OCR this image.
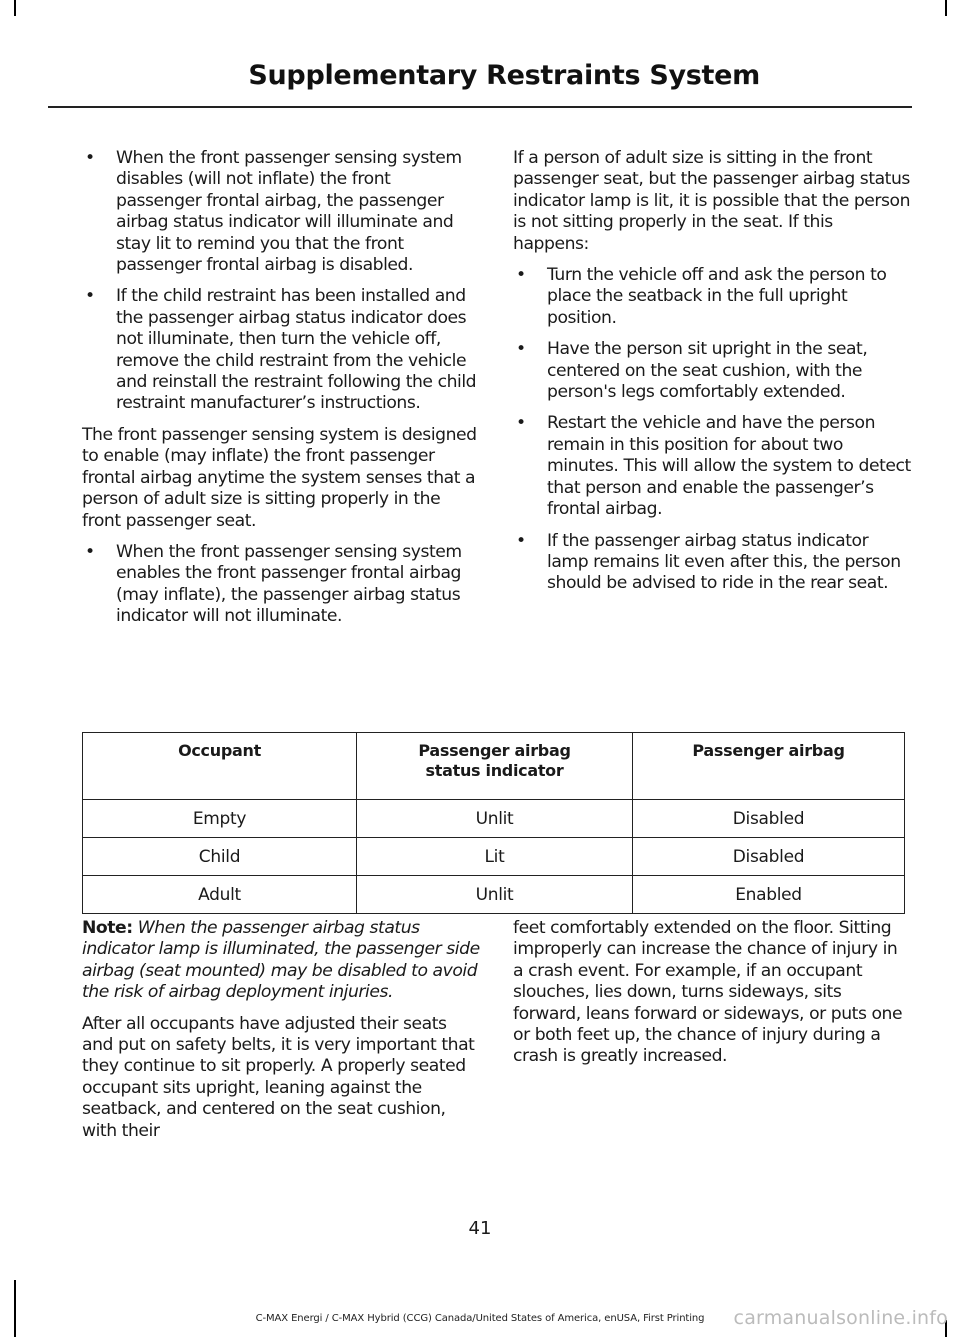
Supplementary Restraints System
• When the front passenger sensing system disables (will not inflate) the front passenger frontal airbag, the passenger airbag status indicator will illuminate and stay lit to remind you that the front passenger frontal airbag is disabled.
• If the child restraint has been installed and the passenger airbag status indicator does not illuminate, then turn the vehicle off, remove the child restraint from the vehicle and reinstall the restraint following the child restraint manufacturer’s instructions.

The front passenger sensing system is designed to enable (may inflate) the front passenger frontal airbag anytime the system senses that a person of adult size is sitting properly in the front passenger seat.

• When the front passenger sensing system enables the front passenger frontal airbag (may inflate), the passenger airbag status indicator will not illuminate.

If a person of adult size is sitting in the front passenger seat, but the passenger airbag status indicator lamp is lit, it is possible that the person is not sitting properly in the seat. If this happens:

• Turn the vehicle off and ask the person to place the seatback in the full upright position.
• Have the person sit upright in the seat, centered on the seat cushion, with the person's legs comfortably extended.
• Restart the vehicle and have the person remain in this position for about two minutes. This will allow the system to detect that person and enable the passenger’s frontal airbag.
• If the passenger airbag status indicator lamp remains lit even after this, the person should be advised to ride in the rear seat.
Occupant	Passenger airbag status indicator	Passenger airbag
Empty	Unlit	Disabled
Child	Lit	Disabled
Adult	Unlit	Enabled

Note: When the passenger airbag status indicator lamp is illuminated, the passenger side airbag (seat mounted) may be disabled to avoid the risk of airbag deployment injuries.

After all occupants have adjusted their seats and put on safety belts, it is very important that they continue to sit properly. A properly seated occupant sits upright, leaning against the seatback, and centered on the seat cushion, with their

feet comfortably extended on the floor. Sitting improperly can increase the chance of injury in a crash event. For example, if an occupant slouches, lies down, turns sideways, sits forward, leans forward or sideways, or puts one or both feet up, the chance of injury during a crash is greatly increased.

41
C-MAX Energi / C-MAX Hybrid (CCG) Canada/United States of America, enUSA, First Printing	carmanualsonline.info
